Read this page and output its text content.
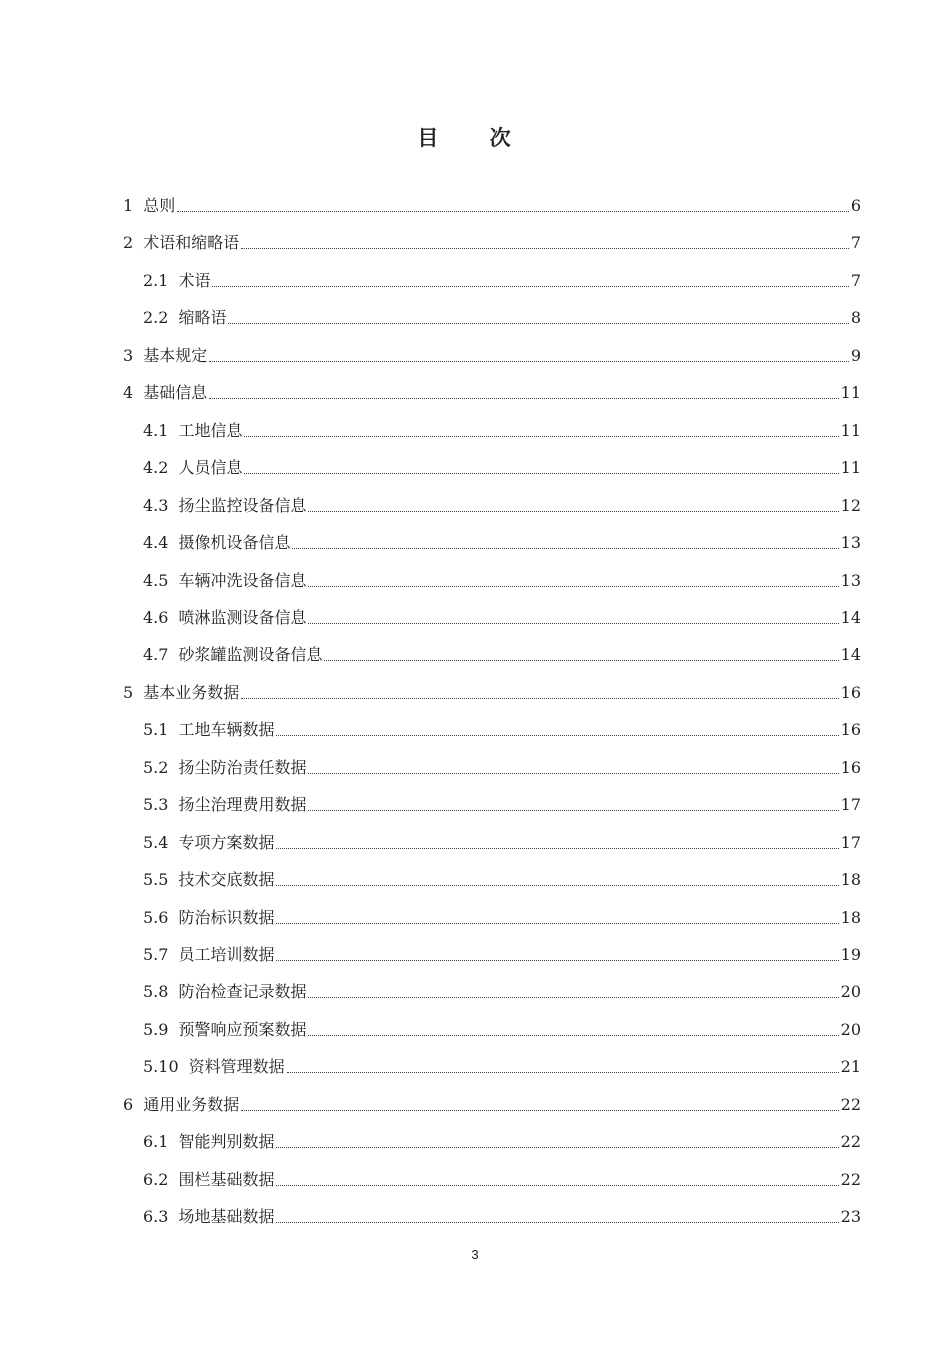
目 次
1 总则	6
2 术语和缩略语	7
2.1 术语	7
2.2 缩略语	8
3 基本规定	9
4 基础信息	11
4.1 工地信息	11
4.2 人员信息	11
4.3 扬尘监控设备信息	12
4.4 摄像机设备信息	13
4.5 车辆冲洗设备信息	13
4.6 喷淋监测设备信息	14
4.7 砂浆罐监测设备信息	14
5 基本业务数据	16
5.1 工地车辆数据	16
5.2 扬尘防治责任数据	16
5.3 扬尘治理费用数据	17
5.4 专项方案数据	17
5.5 技术交底数据	18
5.6 防治标识数据	18
5.7 员工培训数据	19
5.8 防治检查记录数据	20
5.9 预警响应预案数据	20
5.10 资料管理数据	21
6 通用业务数据	22
6.1 智能判别数据	22
6.2 围栏基础数据	22
6.3 场地基础数据	23
3
